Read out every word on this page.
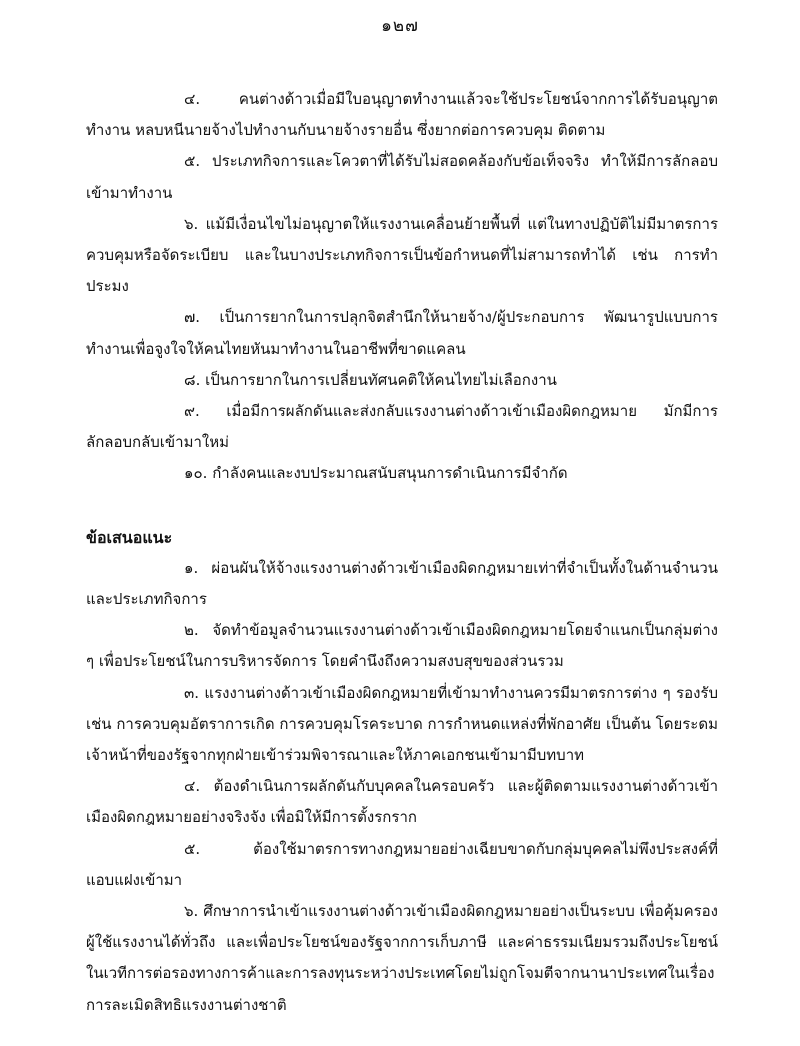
๑๒๗

๔. คนต่างด้าวเมื่อมีใบอนุญาตทำงานแล้วจะใช้ประโยชน์จากการได้รับอนุญาตทำงาน หลบหนีนายจ้างไปทำงานกับนายจ้างรายอื่น ซึ่งยากต่อการควบคุม ติดตาม

๕. ประเภทกิจการและโควตาที่ได้รับไม่สอดคล้องกับข้อเท็จจริง ทำให้มีการลักลอบเข้ามาทำงาน

๖. แม้มีเงื่อนไขไม่อนุญาตให้แรงงานเคลื่อนย้ายพื้นที่ แต่ในทางปฏิบัติไม่มีมาตรการควบคุมหรือจัดระเบียบ และในบางประเภทกิจการเป็นข้อกำหนดที่ไม่สามารถทำได้ เช่น การทำประมง

๗. เป็นการยากในการปลุกจิตสำนึกให้นายจ้าง/ผู้ประกอบการ พัฒนารูปแบบการทำงานเพื่อจูงใจให้คนไทยหันมาทำงานในอาชีพที่ขาดแคลน

๘. เป็นการยากในการเปลี่ยนทัศนคติให้คนไทยไม่เลือกงาน

๙. เมื่อมีการผลักดันและส่งกลับแรงงานต่างด้าวเข้าเมืองผิดกฎหมาย มักมีการลักลอบกลับเข้ามาใหม่

๑๐. กำลังคนและงบประมาณสนับสนุนการดำเนินการมีจำกัด

ข้อเสนอแนะ

๑. ผ่อนผันให้จ้างแรงงานต่างด้าวเข้าเมืองผิดกฎหมายเท่าที่จำเป็นทั้งในด้านจำนวนและประเภทกิจการ

๒. จัดทำข้อมูลจำนวนแรงงานต่างด้าวเข้าเมืองผิดกฎหมายโดยจำแนกเป็นกลุ่มต่าง ๆ เพื่อประโยชน์ในการบริหารจัดการ โดยคำนึงถึงความสงบสุขของส่วนรวม

๓. แรงงานต่างด้าวเข้าเมืองผิดกฎหมายที่เข้ามาทำงานควรมีมาตรการต่าง ๆ รองรับ เช่น การควบคุมอัตราการเกิด การควบคุมโรคระบาด การกำหนดแหล่งที่พักอาศัย เป็นต้น โดยระดมเจ้าหน้าที่ของรัฐจากทุกฝ่ายเข้าร่วมพิจารณาและให้ภาคเอกชนเข้ามามีบทบาท

๔. ต้องดำเนินการผลักดันกับบุคคลในครอบครัว และผู้ติดตามแรงงานต่างด้าวเข้าเมืองผิดกฎหมายอย่างจริงจัง เพื่อมิให้มีการตั้งรกราก

๕. ต้องใช้มาตรการทางกฎหมายอย่างเฉียบขาดกับกลุ่มบุคคลไม่พึงประสงค์ที่แอบแฝงเข้ามา

๖. ศึกษาการนำเข้าแรงงานต่างด้าวเข้าเมืองผิดกฎหมายอย่างเป็นระบบ เพื่อคุ้มครองผู้ใช้แรงงานได้ทั่วถึง และเพื่อประโยชน์ของรัฐจากการเก็บภาษี และค่าธรรมเนียมรวมถึงประโยชน์ในเวทีการต่อรองทางการค้าและการลงทุนระหว่างประเทศโดยไม่ถูกโจมตีจากนานาประเทศในเรื่องการละเมิดสิทธิแรงงานต่างชาติ
